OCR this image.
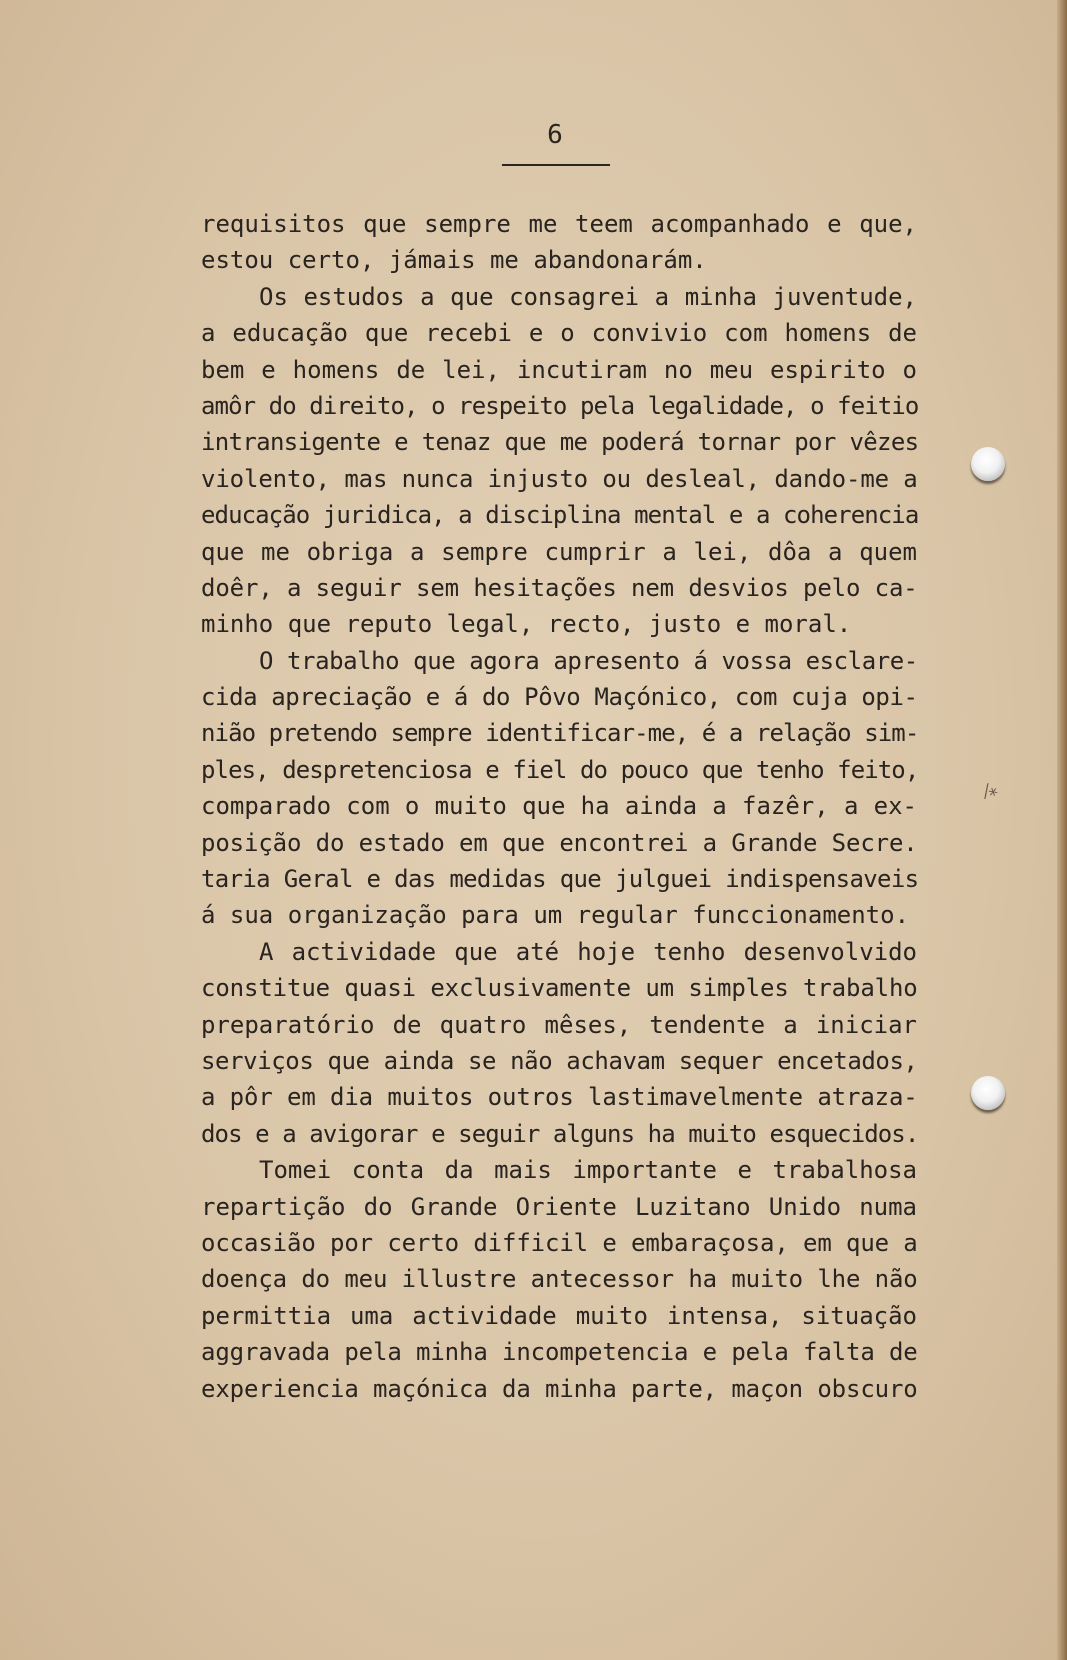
6
requisitos que sempre me teem acompanhado e que,
estou certo, jámais me abandonarám.
Os estudos a que consagrei a minha juventude,
a educação que recebi e o convivio com homens de
bem e homens de lei, incutiram no meu espirito o
amôr do direito, o respeito pela legalidade, o feitio
intransigente e tenaz que me poderá tornar por vêzes
violento, mas nunca injusto ou desleal, dando-me a
educação juridica, a disciplina mental e a coherencia
que me obriga a sempre cumprir a lei, dôa a quem
doêr, a seguir sem hesitações nem desvios pelo ca-
minho que reputo legal, recto, justo e moral.
O trabalho que agora apresento á vossa esclare-
cida apreciação e á do Pôvo Maçónico, com cuja opi-
nião pretendo sempre identificar-me, é a relação sim-
ples, despretenciosa e fiel do pouco que tenho feito,
comparado com o muito que ha ainda a fazêr, a ex-
posição do estado em que encontrei a Grande Secre.
taria Geral e das medidas que julguei indispensaveis
á sua organização para um regular funccionamento.
A actividade que até hoje tenho desenvolvido
constitue quasi exclusivamente um simples trabalho
preparatório de quatro mêses, tendente a iniciar
serviços que ainda se não achavam sequer encetados,
a pôr em dia muitos outros lastimavelmente atraza-
dos e a avigorar e seguir alguns ha muito esquecidos.
Tomei conta da mais importante e trabalhosa
repartição do Grande Oriente Luzitano Unido numa
occasião por certo difficil e embaraçosa, em que a
doença do meu illustre antecessor ha muito lhe não
permittia uma actividade muito intensa, situação
aggravada pela minha incompetencia e pela falta de
experiencia maçónica da minha parte, maçon obscuro
⁄⁎
